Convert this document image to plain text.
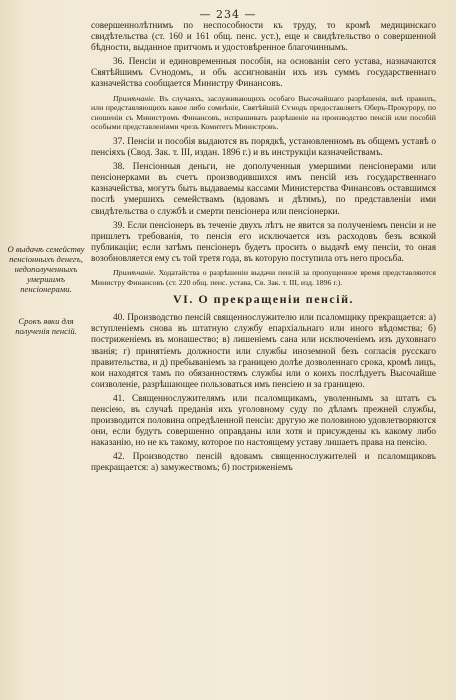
— 234 —
О выдачѣ семейству пенсіонныхъ денегъ, недополученныхъ умершимъ пенсіонерами.
Срокъ явки для полученія пенсій.

совершеннолѣтнимъ по неспособности къ труду, то кромѣ медицинскаго свидѣтельства (ст. 160 и 161 общ. пенс. уст.), еще и свидѣтельство о совершенной бѣдности, выданное притчомъ и удостовѣренное благочиннымъ.

36. Пенсіи и единовременныя пособія, на основаніи сего устава, назначаются Святѣйшимъ Сѵнодомъ, и объ ассигнованіи ихъ изъ суммъ государственнаго казначейства сообщается Министру Финансовъ.

Примѣчаніе. Въ случаяхъ, заслуживающихъ особаго Высочайшаго разрѣшенія, внѣ правилъ, или представляющихъ какое либо сомнѣніе, Святѣйшій Сѵнодъ предоставляетъ Оберъ-Прокурору, по сношеніи съ Министромъ Финансовъ, испрашивать разрѣшеніе на производство пенсій или пособій особыми представленіями чрезъ Комитетъ Министровъ.

37. Пенсіи и пособія выдаются въ порядкѣ, установленномъ въ общемъ уставѣ о пенсіяхъ (Свод. Зак. т. III, издан. 1896 г.) и въ инструкціи казначействамъ.

38. Пенсіонныя деньги, не дополученныя умершими пенсіонерами или пенсіонерками въ счетъ производившихся имъ пенсій изъ государственнаго казначейства, могутъ быть выдаваемы кассами Министерства Финансовъ оставшимся послѣ умершихъ семействамъ (вдовамъ и дѣтямъ), по представленіи ими свидѣтельства о службѣ и смерти пенсіонера или пенсіонерки.

39. Если пенсіонеръ въ теченіе двухъ лѣтъ не явится за полученіемъ пенсіи и не пришлетъ требованія, то пенсія его исключается изъ расходовъ безъ всякой публикаціи; если затѣмъ пенсіонеръ будетъ просить о выдачѣ ему пенсіи, то оная возобновляется ему съ той третя года, въ которую поступила отъ него просьба.

Примѣчаніе. Ходатайства о разрѣшеніи выдачи пенсій за пропущенное время представляются Министру Финансовъ (ст. 220 общ. пенс. устава, Св. Зак. т. III, изд. 1896 г.).

VI. О прекращеніи пенсій.

40. Производство пенсій священнослужителю или псаломщику прекращается: а) вступленіемъ снова въ штатную службу епархіальнаго или иного вѣдомства; б) постриженіемъ въ монашество; в) лишеніемъ сана или исключеніемъ изъ духовнаго званія; г) принятіемъ должности или службы иноземной безъ согласія русскаго правительства, и д) пребываніемъ за границею долѣе дозволеннаго срока, кромѣ лицъ, кои находятся тамъ по обязанностямъ службы или о коихъ послѣдуетъ Высочайше соизволеніе, разрѣшающее пользоваться имъ пенсіею и за границею.

41. Священнослужителямъ или псаломщикамъ, уволеннымъ за штатъ съ пенсіею, въ случаѣ преданія ихъ уголовному суду по дѣламъ прежней службы, производится половина опредѣленной пенсіи: другую же половиною удовлетворяются они, если будутъ совершенно оправданы или хотя и присуждены къ какому либо наказанію, но не къ такому, которое по настоящему уставу лишаетъ права на пенсію.

42. Производство пенсій вдовамъ священнослужителей и псаломщиковъ прекращается: а) замужествомъ; б) постриженіемъ
